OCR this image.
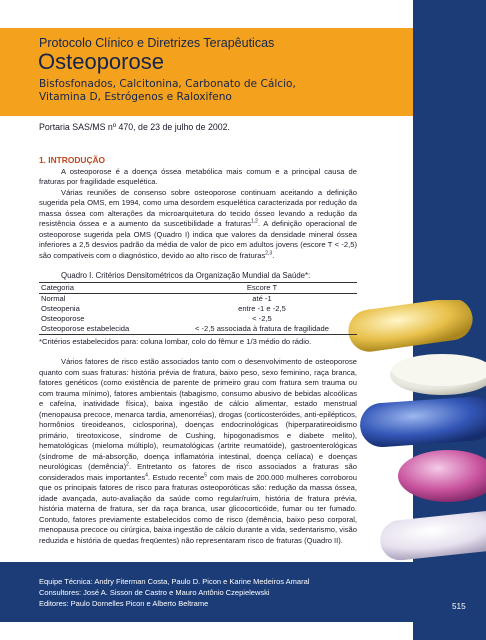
Protocolo Clínico e Diretrizes Terapêuticas
Osteoporose
Bisfosfonados, Calcitonina, Carbonato de Cálcio,
Vitamina D, Estrógenos e Raloxifeno
Portaria SAS/MS nº 470, de 23 de julho de 2002.
1. INTRODUÇÃO

A osteoporose é a doença óssea metabólica mais comum e a principal causa de fraturas por fragilidade esquelética.

Várias reuniões de consenso sobre osteoporose continuam aceitando a definição sugerida pela OMS, em 1994, como uma desordem esquelética caracterizada por redução da massa óssea com alterações da microarquitetura do tecido ósseo levando a redução da resistência óssea e a aumento da suscetibilidade a fraturas$^{1,2}$. A definição operacional de osteoporose sugerida pela OMS (Quadro I) indica que valores da densidade mineral óssea inferiores a 2,5 desvios padrão da média de valor de pico em adultos jovens (escore T < -2,5) são compatíveis com o diagnóstico, devido ao alto risco de fraturas$^{2,3}$.

Quadro I. Critérios Densitométricos da Organização Mundial da Saúde*:
Categoria	Escore T
Normal	até -1
Osteopenia	entre -1 e -2,5
Osteoporose	< -2,5
Osteoporose estabelecida	< -2,5 associada à fratura de fragilidade
*Critérios estabelecidos para: coluna lombar, colo do fêmur e 1/3 médio do rádio.

Vários fatores de risco estão associados tanto com o desenvolvimento de osteoporose quanto com suas fraturas: história prévia de fratura, baixo peso, sexo feminino, raça branca, fatores genéticos (como existência de parente de primeiro grau com fratura sem trauma ou com trauma mínimo), fatores ambientais (tabagismo, consumo abusivo de bebidas alcoólicas e cafeína, inatividade física), baixa ingestão de cálcio alimentar, estado menstrual (menopausa precoce, menarca tardia, amenorréias), drogas (corticosteróides, anti-epilépticos, hormônios tireoideanos, ciclosporina), doenças endocrinológicas (hiperparatireoidismo primário, tireotoxicose, síndrome de Cushing, hipogonadismos e diabete melito), hematológicas (mieloma múltiplo), reumatológicas (artrite reumatóide), gastroenterológicas (síndrome de má-absorção, doença inflamatória intestinal, doença celíaca) e doenças neurológicas (demência)$^2$. Entretanto os fatores de risco associados a fraturas são considerados mais importantes$^4$. Estudo recente$^5$ com mais de 200.000 mulheres corroborou que os principais fatores de risco para fraturas osteoporóticas são: redução da massa óssea, idade avançada, auto-avaliação da saúde como regular/ruim, história de fratura prévia, história materna de fratura, ser da raça branca, usar glicocorticóide, fumar ou ter fumado. Contudo, fatores previamente estabelecidos como de risco (demência, baixo peso corporal, menopausa precoce ou cirúrgica, baixa ingestão de cálcio durante a vida, sedentarismo, visão reduzida e história de quedas freqüentes) não representaram risco de fraturas (Quadro II).

Equipe Técnica: Andry Fiterman Costa, Paulo D. Picon e Karine Medeiros Amaral
Consultores: José A. Sisson de Castro e Mauro Antônio Czepielewski
Editores: Paulo Dornelles Picon e Alberto Beltrame	515
